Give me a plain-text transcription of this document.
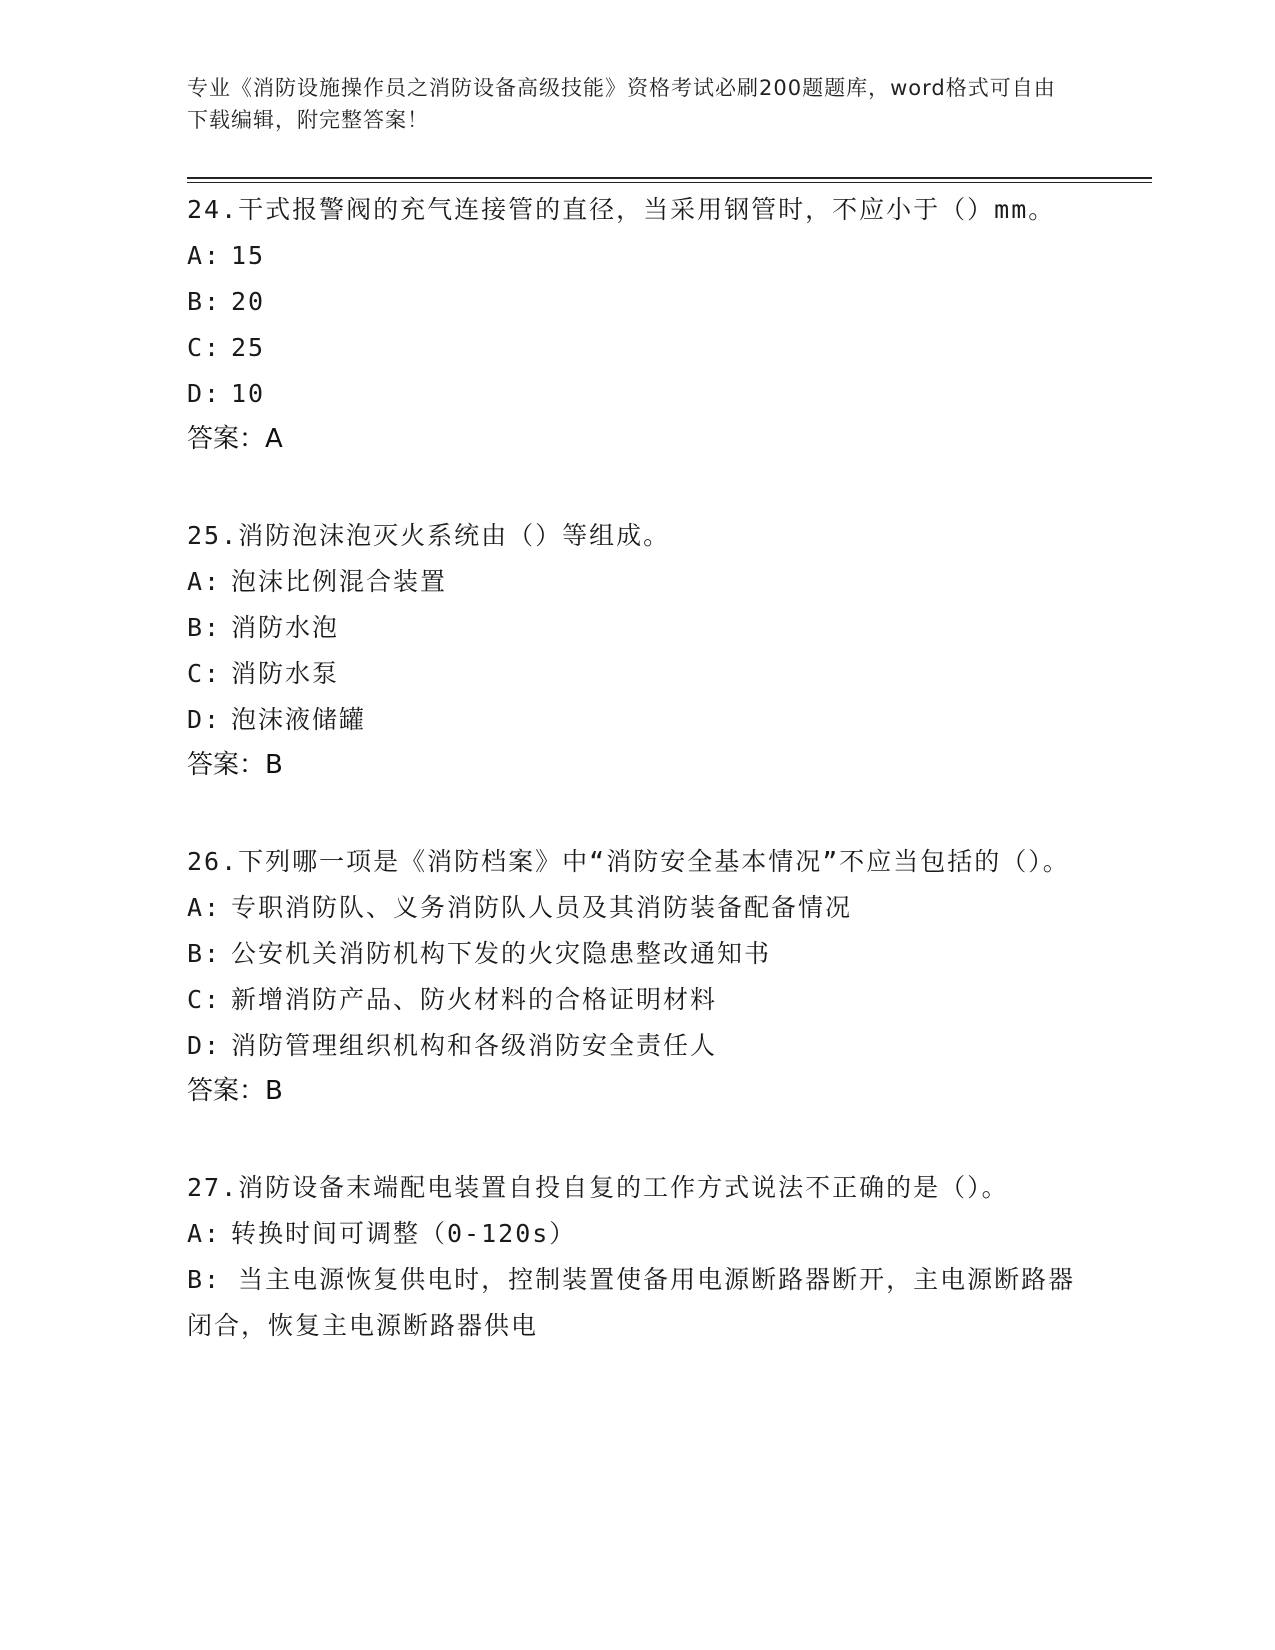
专业《消防设施操作员之消防设备高级技能》资格考试必刷200题题库，word格式可自由下载编辑，附完整答案！
24.干式报警阀的充气连接管的直径，当采用钢管时，不应小于（）mm。
A: 15
B: 20
C: 25
D: 10
答案：A
25.消防泡沫泡灭火系统由（）等组成。
A: 泡沫比例混合装置
B: 消防水泡
C: 消防水泵
D: 泡沫液储罐
答案：B
26.下列哪一项是《消防档案》中“消防安全基本情况”不应当包括的（）。
A: 专职消防队、义务消防队人员及其消防装备配备情况
B: 公安机关消防机构下发的火灾隐患整改通知书
C: 新增消防产品、防火材料的合格证明材料
D: 消防管理组织机构和各级消防安全责任人
答案：B
27.消防设备末端配电装置自投自复的工作方式说法不正确的是（）。
A: 转换时间可调整（0-120s）
B: 当主电源恢复供电时，控制装置使备用电源断路器断开，主电源断路器闭合，恢复主电源断路器供电
